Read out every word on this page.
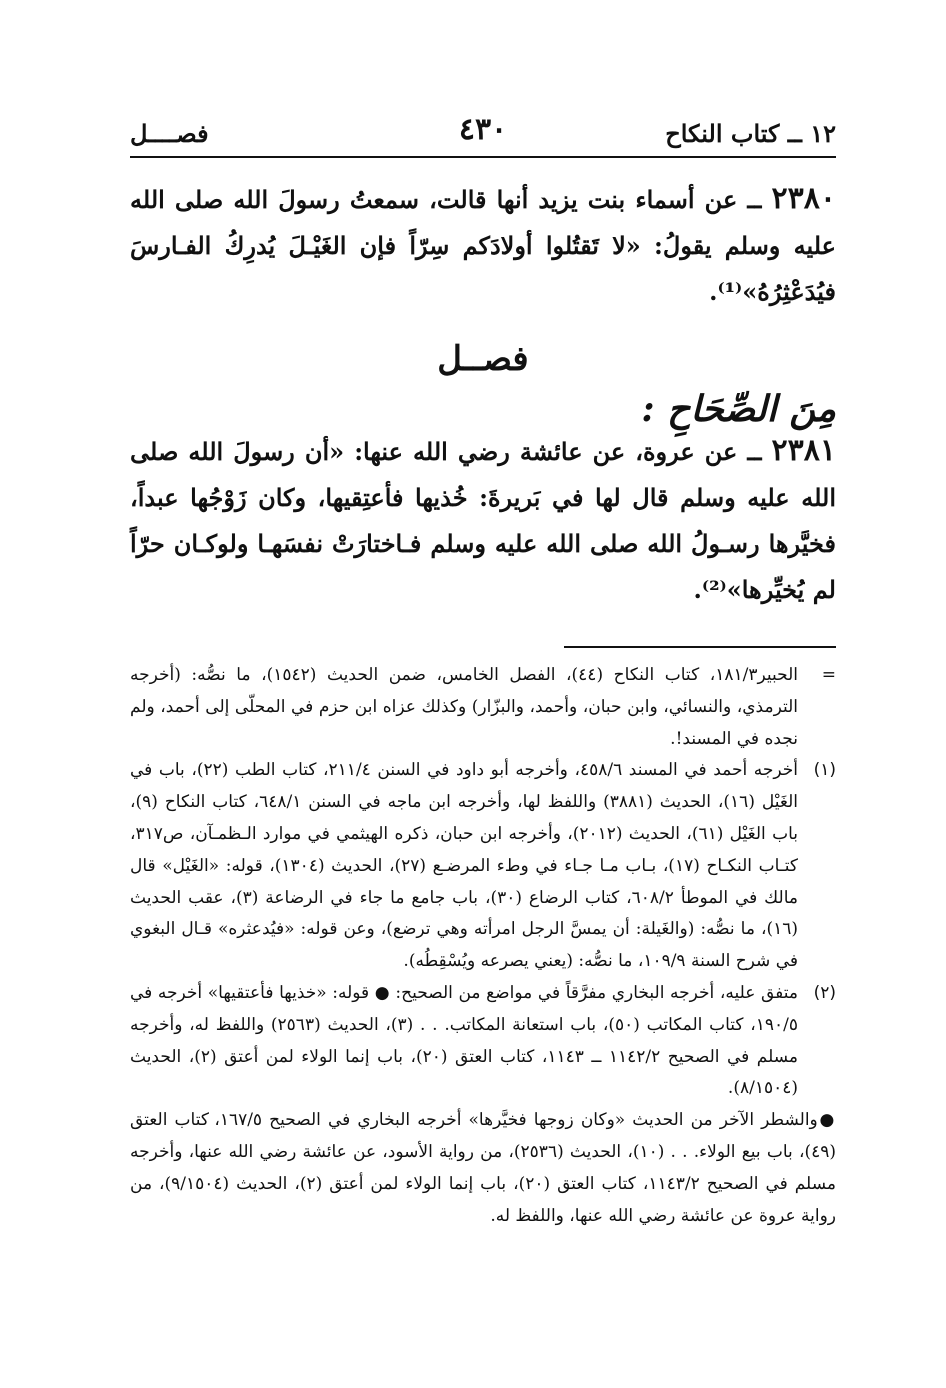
١٢ ــ كتاب النكاح
٤٣٠
فصــــل

٢٣٨٠ ــ عن أسماء بنت يزيد أنها قالت، سمعتُ رسولَ الله صلى الله عليه وسلم يقولُ: «لا تَقتُلوا أولادَكم سِرّاً فإن الغَيْـلَ يُدرِكُ الفـارسَ فيُدَعْثِرُهُ»⁽¹⁾.

فصــل
مِنَ الصِّحَاحِ :

٢٣٨١ ــ عن عروة، عن عائشة رضي الله عنها: «أن رسولَ الله صلى الله عليه وسلم قال لها في بَريرةَ: خُذيها فأعتِقيها، وكان زَوْجُها عبداً، فخيَّرها رسـولُ الله صلى الله عليه وسلم فـاختارَتْ نفسَهـا ولوكـان حرّاً لم يُخيِّرها»⁽²⁾.

=
الحبير١٨١/٣، كتاب النكاح (٤٤)، الفصل الخامس، ضمن الحديث (١٥٤٢)، ما نصُّه: (أخرجه الترمذي، والنسائي، وابن حبان، وأحمد، والبزّار) وكذلك عزاه ابن حزم في المحلّى إلى أحمد، ولم نجده في المسند!.

(١)
أخرجه أحمد في المسند ٤٥٨/٦، وأخرجه أبو داود في السنن ٢١١/٤، كتاب الطب (٢٢)، باب في الغَيْل (١٦)، الحديث (٣٨٨١) واللفظ لها، وأخرجه ابن ماجه في السنن ٦٤٨/١، كتاب النكاح (٩)، باب الغَيْل (٦١)، الحديث (٢٠١٢)، وأخرجه ابن حبان، ذكره الهيثمي في موارد الـظمـآن، ص٣١٧، كتـاب النكـاح (١٧)، بـاب مـا جـاء في وطء المرضـع (٢٧)، الحديث (١٣٠٤)، قوله: «الغَيْل» قال مالك في الموطأ ٦٠٨/٢، كتاب الرضاع (٣٠)، باب جامع ما جاء في الرضاعة (٣)، عقب الحديث (١٦)، ما نصُّه: (والغَيلة: أن يمسَّ الرجل امرأته وهي ترضع)، وعن قوله: «فيُدعثره» قـال البغوي في شرح السنة ١٠٩/٩، ما نصُّه: (يعني يصرعه ويُسْقِطُه).

(٢)
متفق عليه، أخرجه البخاري مفرَّقاً في مواضع من الصحيح: ● قوله: «خذيها فأعتقيها» أخرجه في ١٩٠/٥، كتاب المكاتب (٥٠)، باب استعانة المكاتب. . . (٣)، الحديث (٢٥٦٣) واللفظ له، وأخرجه مسلم في الصحيح ١١٤٢/٢ ــ ١١٤٣، كتاب العتق (٢٠)، باب إنما الولاء لمن أعتق (٢)، الحديث (٨/١٥٠٤).

●والشطر الآخر من الحديث «وكان زوجها فخيَّرها» أخرجه البخاري في الصحيح ١٦٧/٥، كتاب العتق (٤٩)، باب بيع الولاء. . . (١٠)، الحديث (٢٥٣٦)، من رواية الأسود، عن عائشة رضي الله عنها، وأخرجه مسلم في الصحيح ١١٤٣/٢، كتاب العتق (٢٠)، باب إنما الولاء لمن أعتق (٢)، الحديث (٩/١٥٠٤)، من رواية عروة عن عائشة رضي الله عنها، واللفظ له.
